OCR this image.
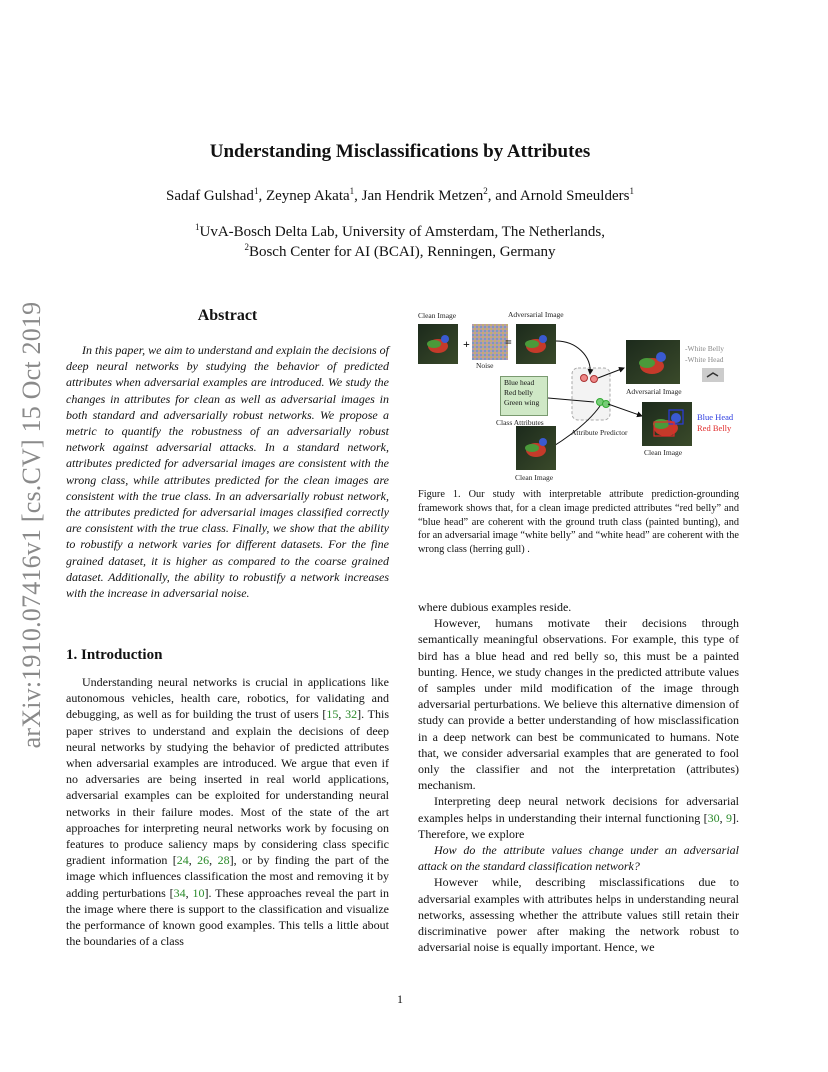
arXiv:1910.07416v1 [cs.CV] 15 Oct 2019
Understanding Misclassifications by Attributes
Sadaf Gulshad$^1$, Zeynep Akata$^1$, Jan Hendrik Metzen$^2$, and Arnold Smeulders$^1$
$^1$UvA-Bosch Delta Lab, University of Amsterdam, The Netherlands,
$^2$Bosch Center for AI (BCAI), Renningen, Germany
Abstract
In this paper, we aim to understand and explain the decisions of deep neural networks by studying the behavior of predicted attributes when adversarial examples are introduced. We study the changes in attributes for clean as well as adversarial images in both standard and adversarially robust networks. We propose a metric to quantify the robustness of an adversarially robust network against adversarial attacks. In a standard network, attributes predicted for adversarial images are consistent with the wrong class, while attributes predicted for the clean images are consistent with the true class. In an adversarially robust network, the attributes predicted for adversarial images classified correctly are consistent with the true class. Finally, we show that the ability to robustify a network varies for different datasets. For the fine grained dataset, it is higher as compared to the coarse grained dataset. Additionally, the ability to robustify a network increases with the increase in adversarial noise.
1. Introduction

Understanding neural networks is crucial in applications like autonomous vehicles, health care, robotics, for validating and debugging, as well as for building the trust of users [15, 32]. This paper strives to understand and explain the decisions of deep neural networks by studying the behavior of predicted attributes when adversarial examples are introduced. We argue that even if no adversaries are being inserted in real world applications, adversarial examples can be exploited for understanding neural networks in their failure modes. Most of the state of the art approaches for interpreting neural networks work by focusing on features to produce saliency maps by considering class specific gradient information [24, 26, 28], or by finding the part of the image which influences classification the most and removing it by adding perturbations [34, 10]. These approaches reveal the part in the image where there is support to the classification and visualize the performance of known good examples. This tells a little about the boundaries of a class

+	=
Clean Image	Adversarial Image
Noise
Blue head
Red belly
Green wing
Class Attributes
Attribute Predictor
Adversarial Image
-White Belly
-White Head
Blue Head
Red Belly
Clean Image
Clean Image
Figure 1. Our study with interpretable attribute prediction-grounding framework shows that, for a clean image predicted attributes “red belly” and “blue head” are coherent with the ground truth class (painted bunting), and for an adversarial image “white belly” and “white head” are coherent with the wrong class (herring gull) .

where dubious examples reside.

However, humans motivate their decisions through semantically meaningful observations. For example, this type of bird has a blue head and red belly so, this must be a painted bunting. Hence, we study changes in the predicted attribute values of samples under mild modification of the image through adversarial perturbations. We believe this alternative dimension of study can provide a better understanding of how misclassification in a deep network can best be communicated to humans. Note that, we consider adversarial examples that are generated to fool only the classifier and not the interpretation (attributes) mechanism.

Interpreting deep neural network decisions for adversarial examples helps in understanding their internal functioning [30, 9]. Therefore, we explore

How do the attribute values change under an adversarial attack on the standard classification network?

However while, describing misclassifications due to adversarial examples with attributes helps in understanding neural networks, assessing whether the attribute values still retain their discriminative power after making the network robust to adversarial noise is equally important. Hence, we

1
